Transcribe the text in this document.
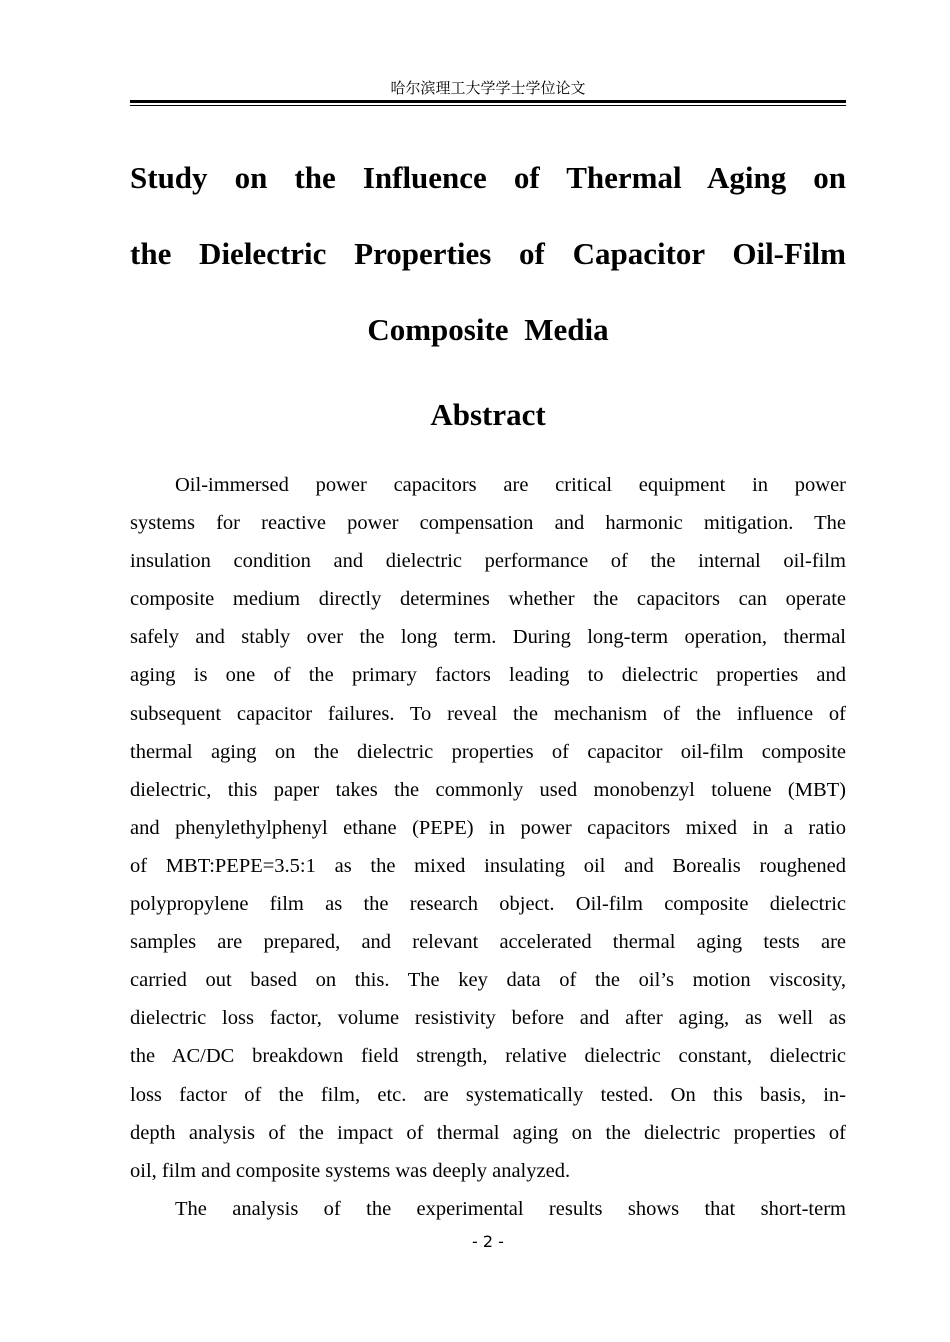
哈尔滨理工大学学士学位论文
Study on the Influence of Thermal Aging on
the Dielectric Properties of Capacitor Oil-Film
Composite Media
Abstract
Oil-immersed power capacitors are critical equipment in power
systems for reactive power compensation and harmonic mitigation. The
insulation condition and dielectric performance of the internal oil-film
composite medium directly determines whether the capacitors can operate
safely and stably over the long term. During long-term operation, thermal
aging is one of the primary factors leading to dielectric properties and
subsequent capacitor failures. To reveal the mechanism of the influence of
thermal aging on the dielectric properties of capacitor oil-film composite
dielectric, this paper takes the commonly used monobenzyl toluene (MBT)
and phenylethylphenyl ethane (PEPE) in power capacitors mixed in a ratio
of MBT:PEPE=3.5:1 as the mixed insulating oil and Borealis roughened
polypropylene film as the research object. Oil-film composite dielectric
samples are prepared, and relevant accelerated thermal aging tests are
carried out based on this. The key data of the oil’s motion viscosity,
dielectric loss factor, volume resistivity before and after aging, as well as
the AC/DC breakdown field strength, relative dielectric constant, dielectric
loss factor of the film, etc. are systematically tested. On this basis, in-
depth analysis of the impact of thermal aging on the dielectric properties of
oil, film and composite systems was deeply analyzed.
The analysis of the experimental results shows that short-term
- 2 -
